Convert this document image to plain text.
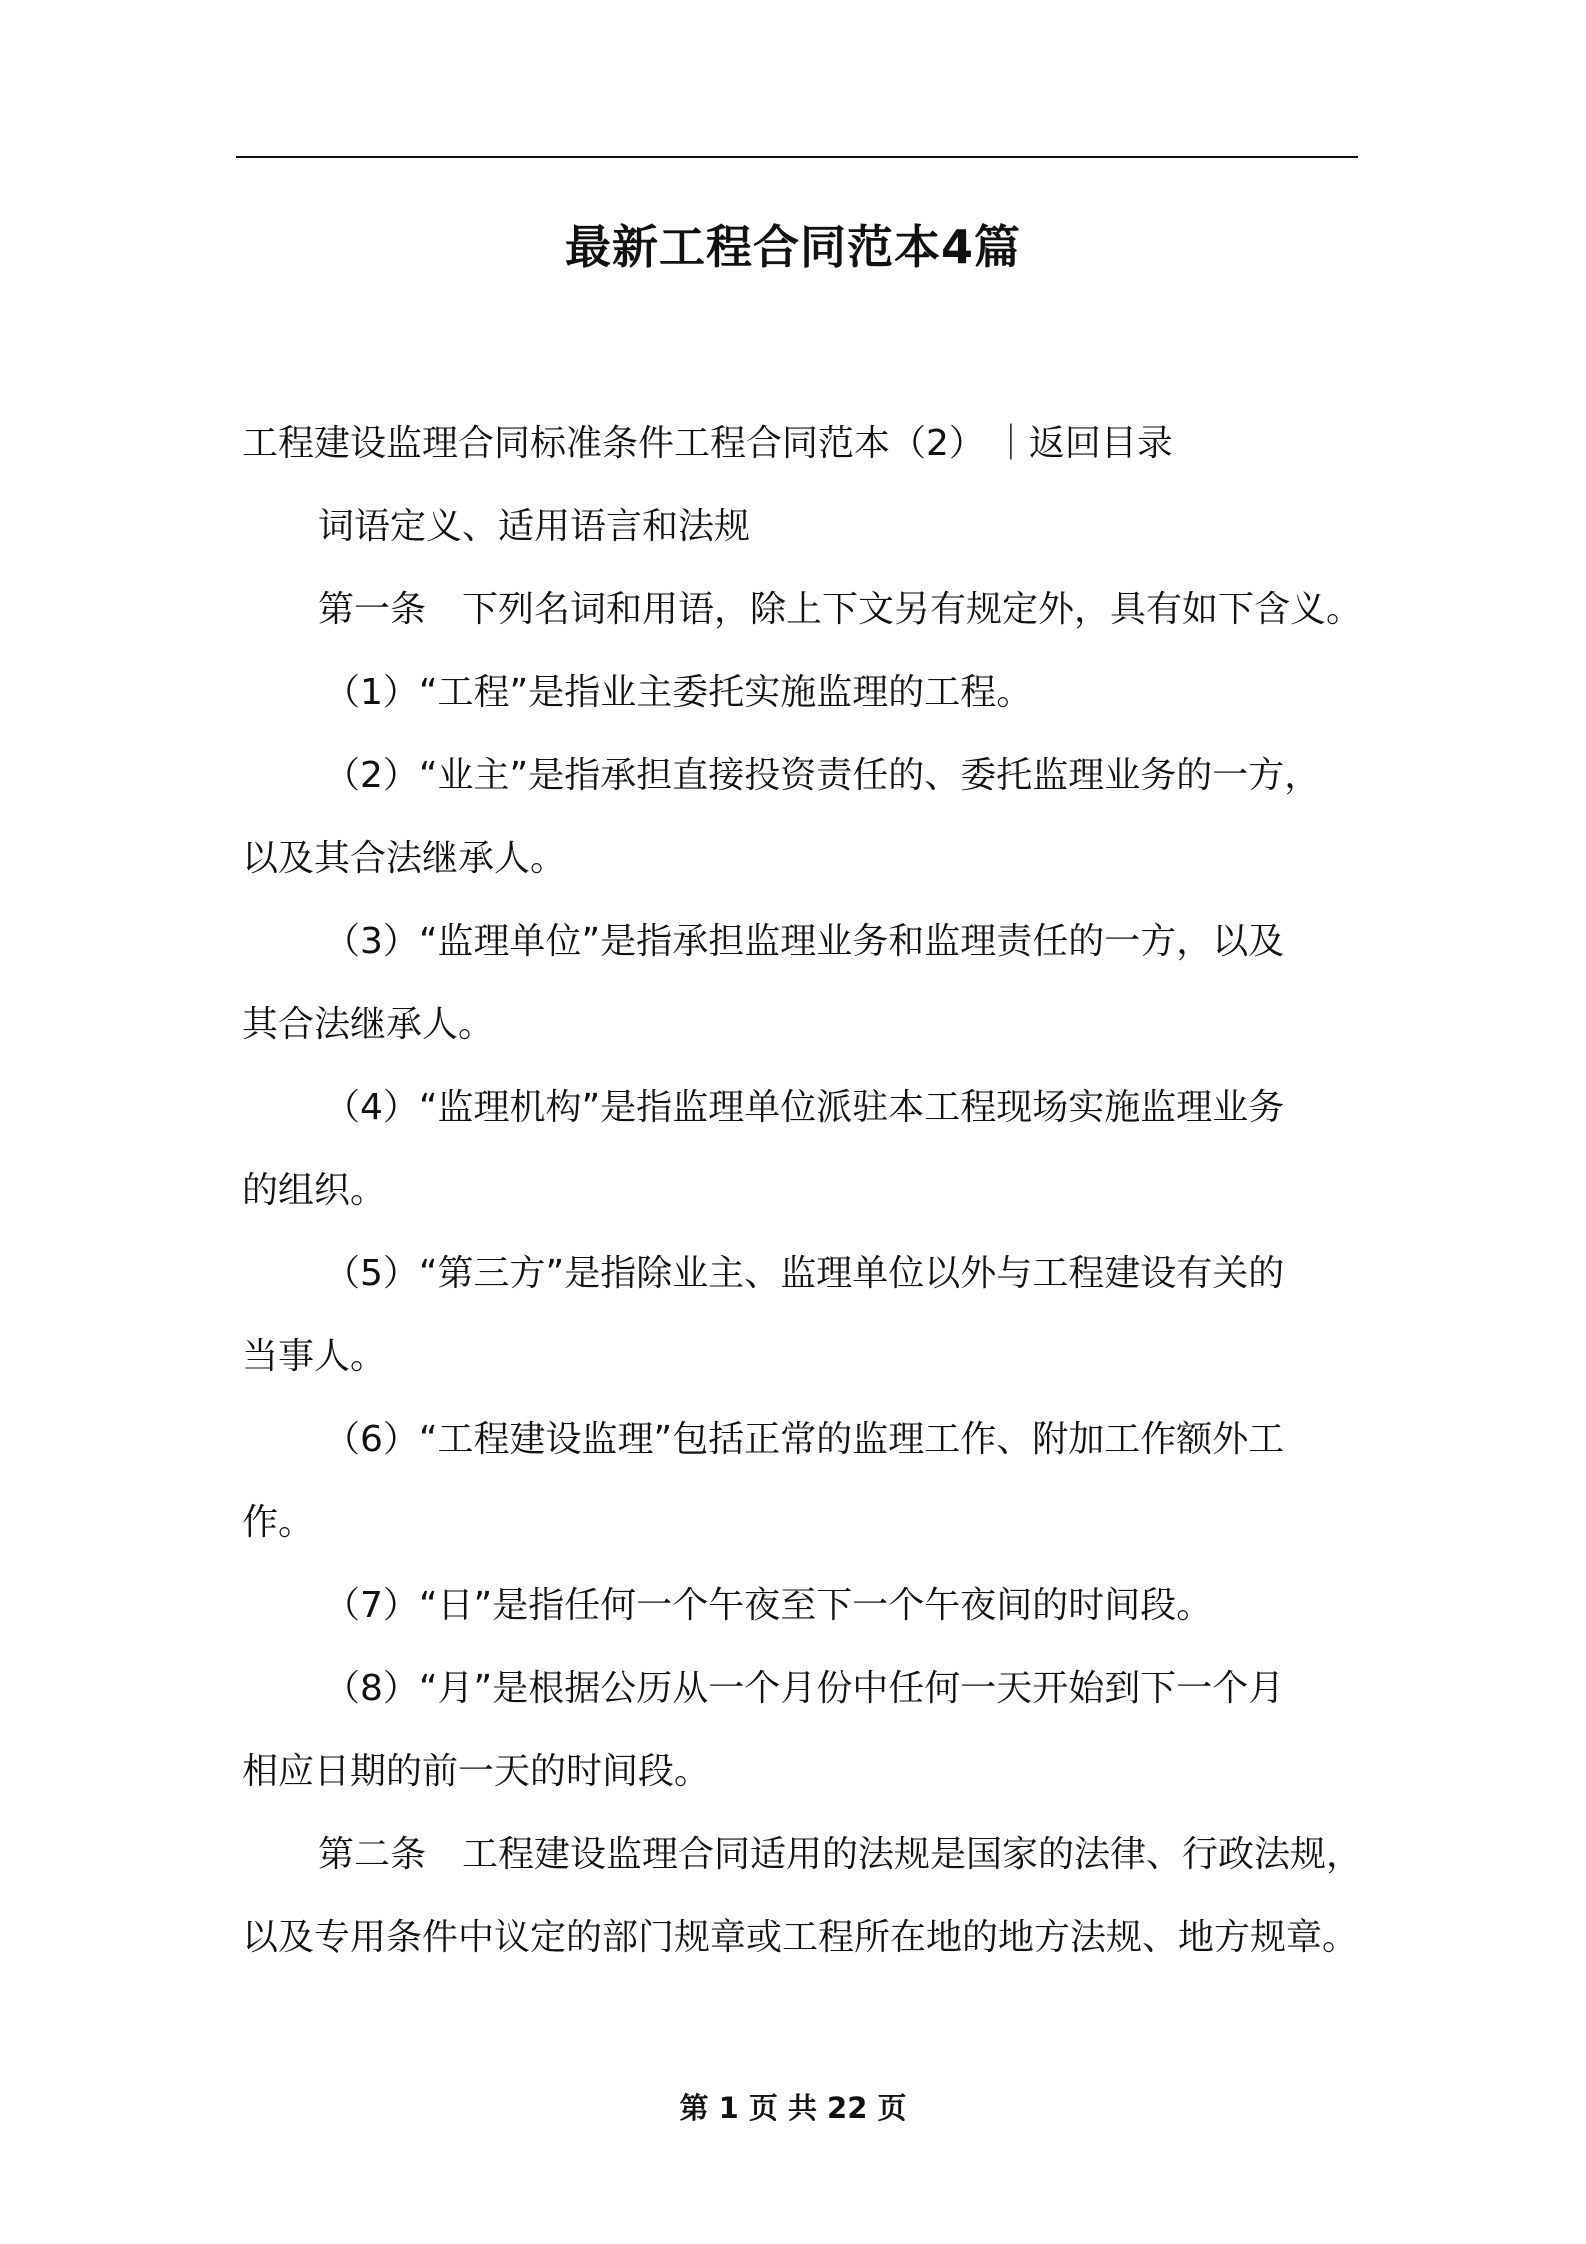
最新工程合同范本4篇
工程建设监理合同标准条件工程合同范本（2） ｜返回目录
词语定义、适用语言和法规
第一条　下列名词和用语，除上下文另有规定外，具有如下含义。
（1）“工程”是指业主委托实施监理的工程。
（2）“业主”是指承担直接投资责任的、委托监理业务的一方，
以及其合法继承人。
（3）“监理单位”是指承担监理业务和监理责任的一方，以及
其合法继承人。
（4）“监理机构”是指监理单位派驻本工程现场实施监理业务
的组织。
（5）“第三方”是指除业主、监理单位以外与工程建设有关的
当事人。
（6）“工程建设监理”包括正常的监理工作、附加工作额外工
作。
（7）“日”是指任何一个午夜至下一个午夜间的时间段。
（8）“月”是根据公历从一个月份中任何一天开始到下一个月
相应日期的前一天的时间段。
第二条　工程建设监理合同适用的法规是国家的法律、行政法规，
以及专用条件中议定的部门规章或工程所在地的地方法规、地方规章。
第 1 页 共 22 页
